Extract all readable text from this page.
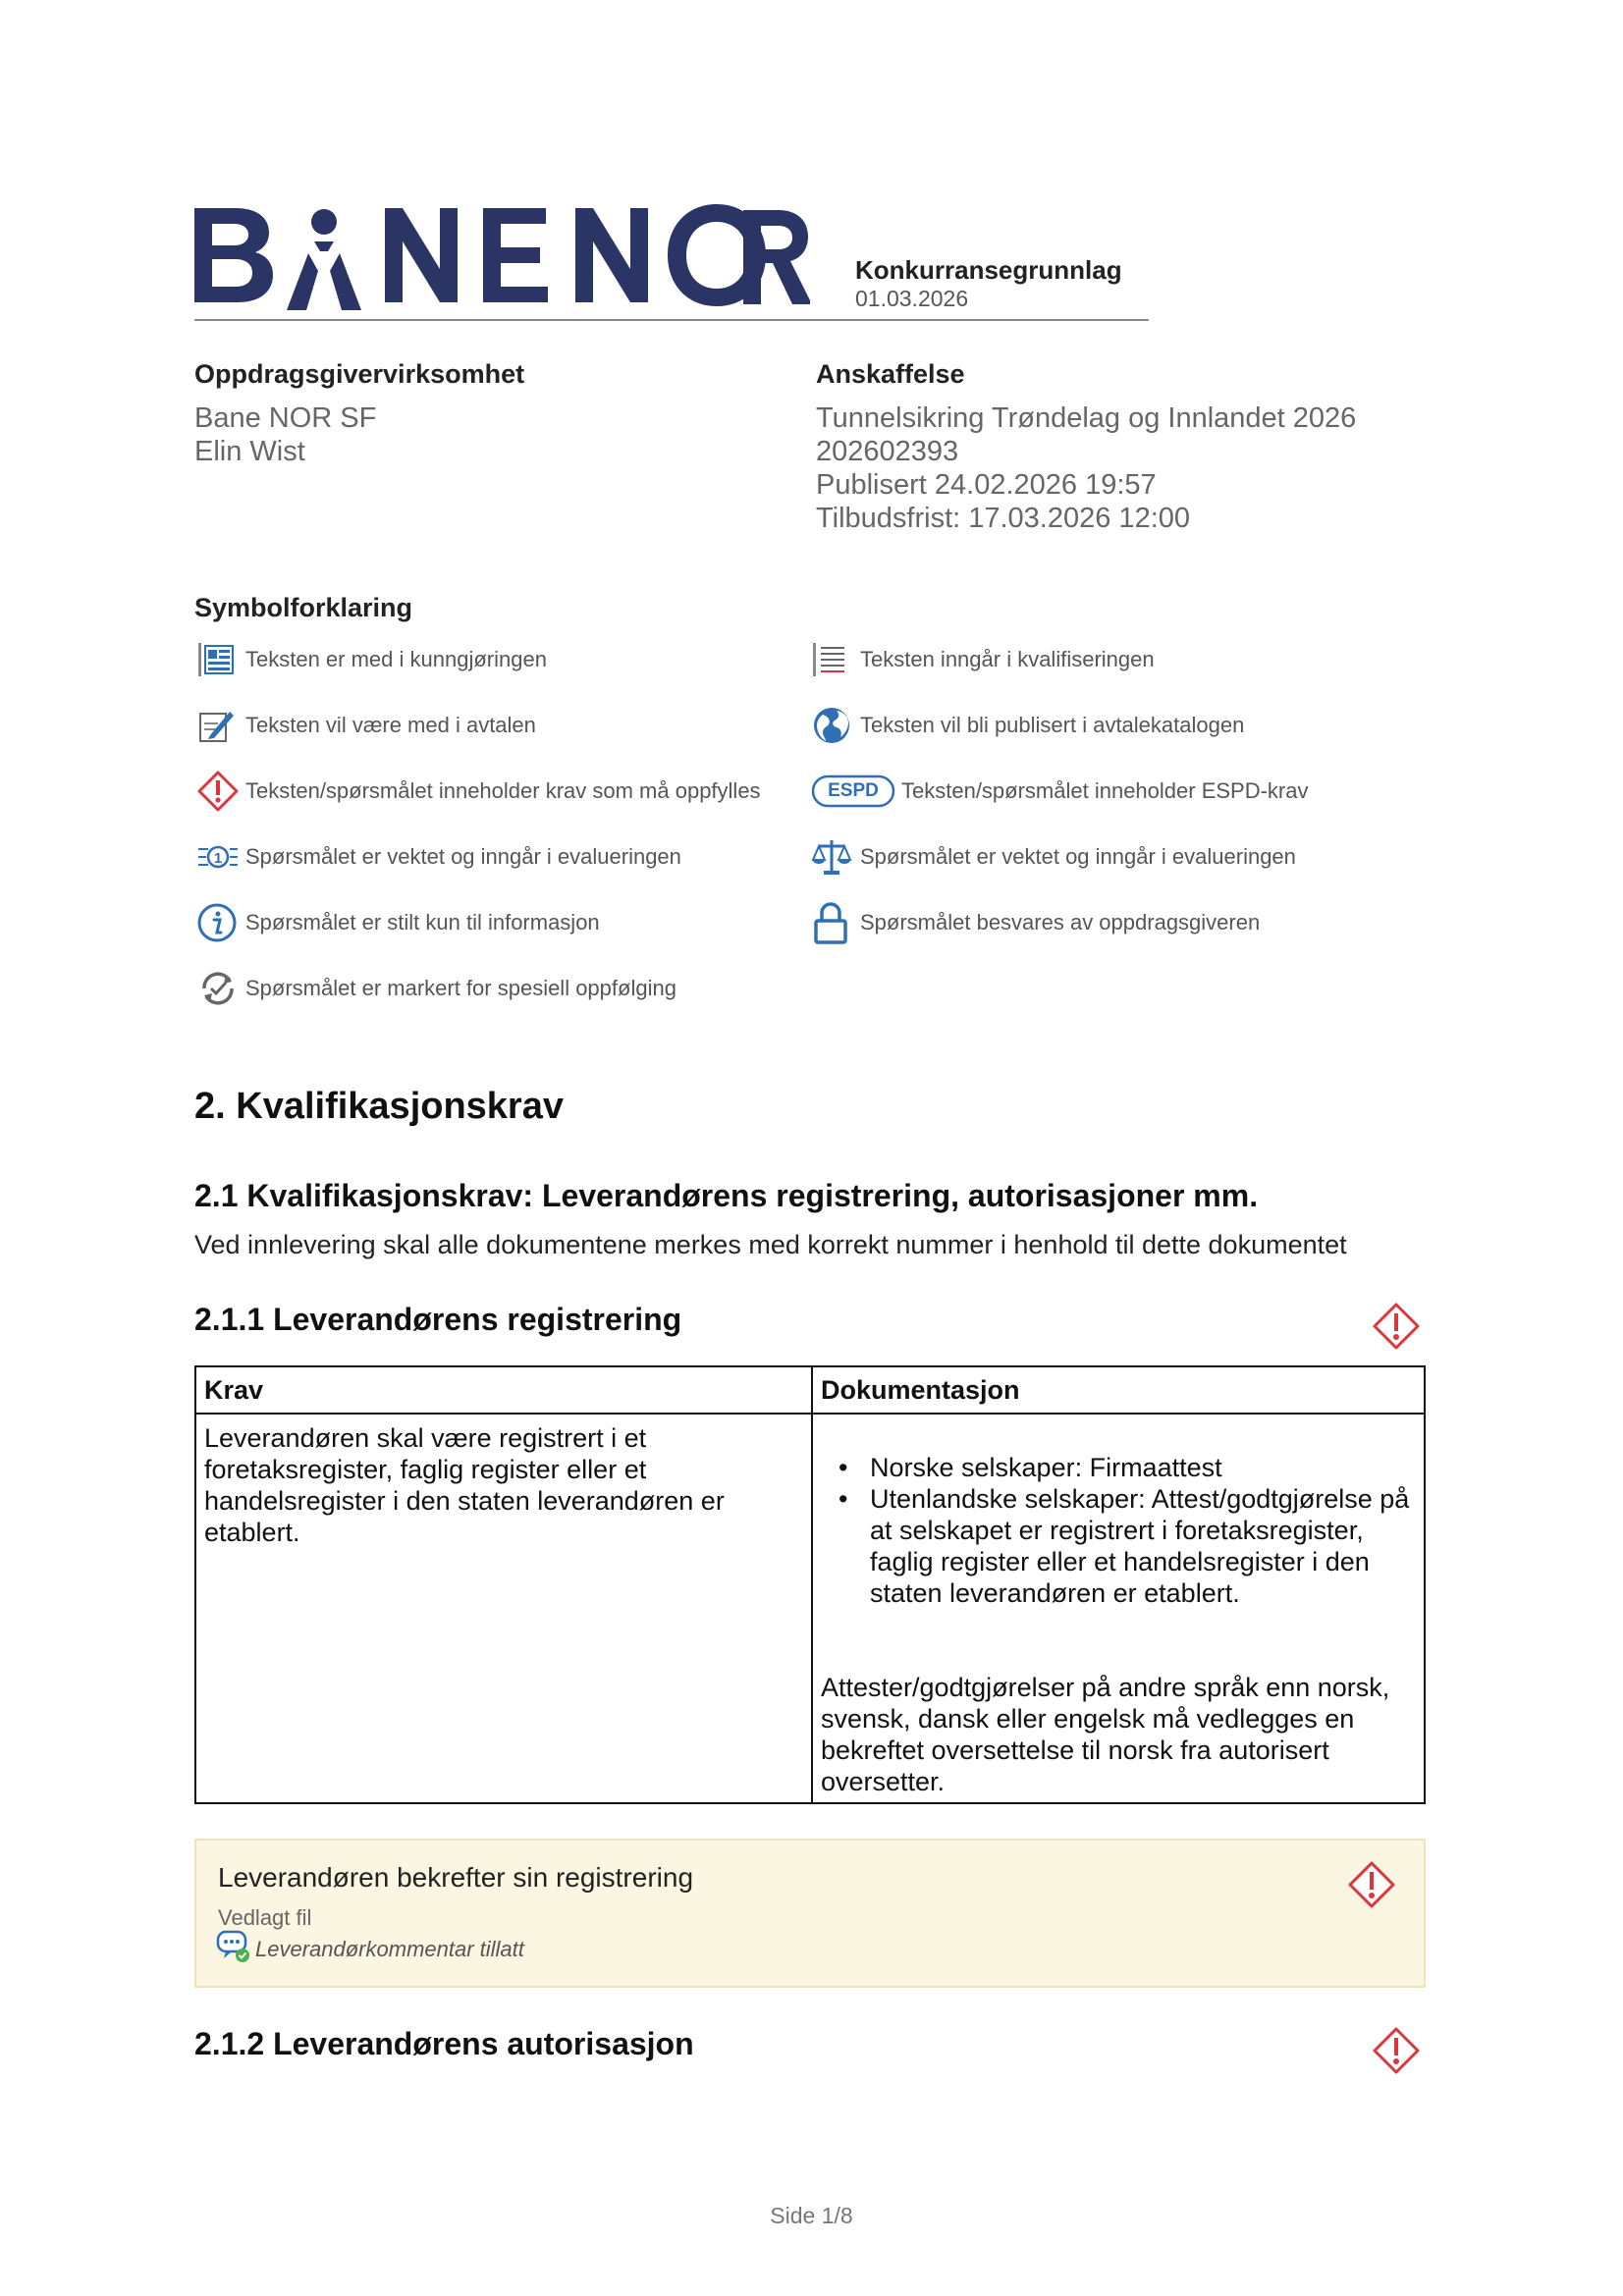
Konkurransegrunnlag
01.03.2026
Oppdragsgivervirksomhet
Bane NOR SF
Elin Wist
Anskaffelse
Tunnelsikring Trøndelag og Innlandet 2026
202602393
Publisert 24.02.2026 19:57
Tilbudsfrist: 17.03.2026 12:00
Symbolforklaring
Teksten er med i kunngjøringen
Teksten vil være med i avtalen
Teksten/spørsmålet inneholder krav som må oppfylles
1 Spørsmålet er vektet og inngår i evalueringen
Spørsmålet er stilt kun til informasjon
Spørsmålet er markert for spesiell oppfølging
Teksten inngår i kvalifiseringen
Teksten vil bli publisert i avtalekatalogen
ESPD	Teksten/spørsmålet inneholder ESPD-krav
Spørsmålet er vektet og inngår i evalueringen
Spørsmålet besvares av oppdragsgiveren
2. Kvalifikasjonskrav
2.1 Kvalifikasjonskrav: Leverandørens registrering, autorisasjoner mm.
Ved innlevering skal alle dokumentene merkes med korrekt nummer i henhold til dette dokumentet
2.1.1 Leverandørens registrering
Krav	Dokumentasjon
Leverandøren skal være registrert i et foretaksregister, faglig register eller et handelsregister i den staten leverandøren er etablert.
• Norske selskaper: Firmaattest
• Utenlandske selskaper: Attest/godtgjørelse på at selskapet er registrert i foretaksregister, faglig register eller et handelsregister i den staten leverandøren er etablert.
Attester/godtgjørelser på andre språk enn norsk, svensk, dansk eller engelsk må vedlegges en bekreftet oversettelse til norsk fra autorisert oversetter.
Leverandøren bekrefter sin registrering
Vedlagt fil
Leverandørkommentar tillatt
2.1.2 Leverandørens autorisasjon
Side 1/8
